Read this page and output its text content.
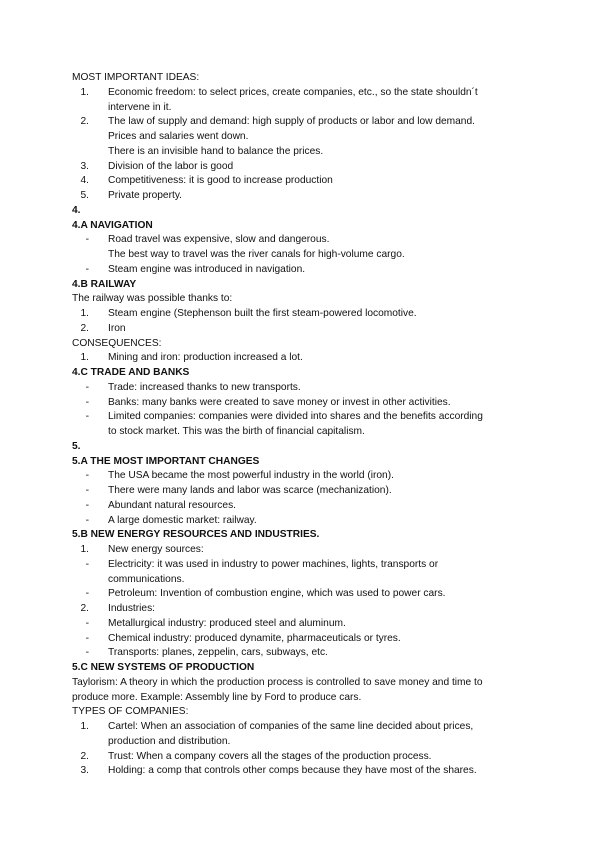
MOST IMPORTANT IDEAS:
1.	Economic freedom: to select prices, create companies, etc., so the state shouldn´t
intervene in it.
2.	The law of supply and demand: high supply of products or labor and low demand.
Prices and salaries went down.
There is an invisible hand to balance the prices.
3.	Division of the labor is good
4.	Competitiveness: it is good to increase production
5.	Private property.
4.
4.A NAVIGATION
-	Road travel was expensive, slow and dangerous.
The best way to travel was the river canals for high-volume cargo.
-	Steam engine was introduced in navigation.
4.B RAILWAY
The railway was possible thanks to:
1.	Steam engine (Stephenson built the first steam-powered locomotive.
2.	Iron
CONSEQUENCES:
1.	Mining and iron: production increased a lot.
4.C TRADE AND BANKS
-	Trade: increased thanks to new transports.
-	Banks: many banks were created to save money or invest in other activities.
-	Limited companies: companies were divided into shares and the benefits according
to stock market. This was the birth of financial capitalism.
5.
5.A THE MOST IMPORTANT CHANGES
-	The USA became the most powerful industry in the world (iron).
-	There were many lands and labor was scarce (mechanization).
-	Abundant natural resources.
-	A large domestic market: railway.
5.B NEW ENERGY RESOURCES AND INDUSTRIES.
1.	New energy sources:
-	Electricity: it was used in industry to power machines, lights, transports or
communications.
-	Petroleum: Invention of combustion engine, which was used to power cars.
2.	Industries:
-	Metallurgical industry: produced steel and aluminum.
-	Chemical industry: produced dynamite, pharmaceuticals or tyres.
-	Transports: planes, zeppelin, cars, subways, etc.
5.C NEW SYSTEMS OF PRODUCTION
Taylorism: A theory in which the production process is controlled to save money and time to
produce more. Example: Assembly line by Ford to produce cars.
TYPES OF COMPANIES:
1.	Cartel: When an association of companies of the same line decided about prices,
production and distribution.
2.	Trust: When a company covers all the stages of the production process.
3.	Holding: a comp that controls other comps because they have most of the shares.
